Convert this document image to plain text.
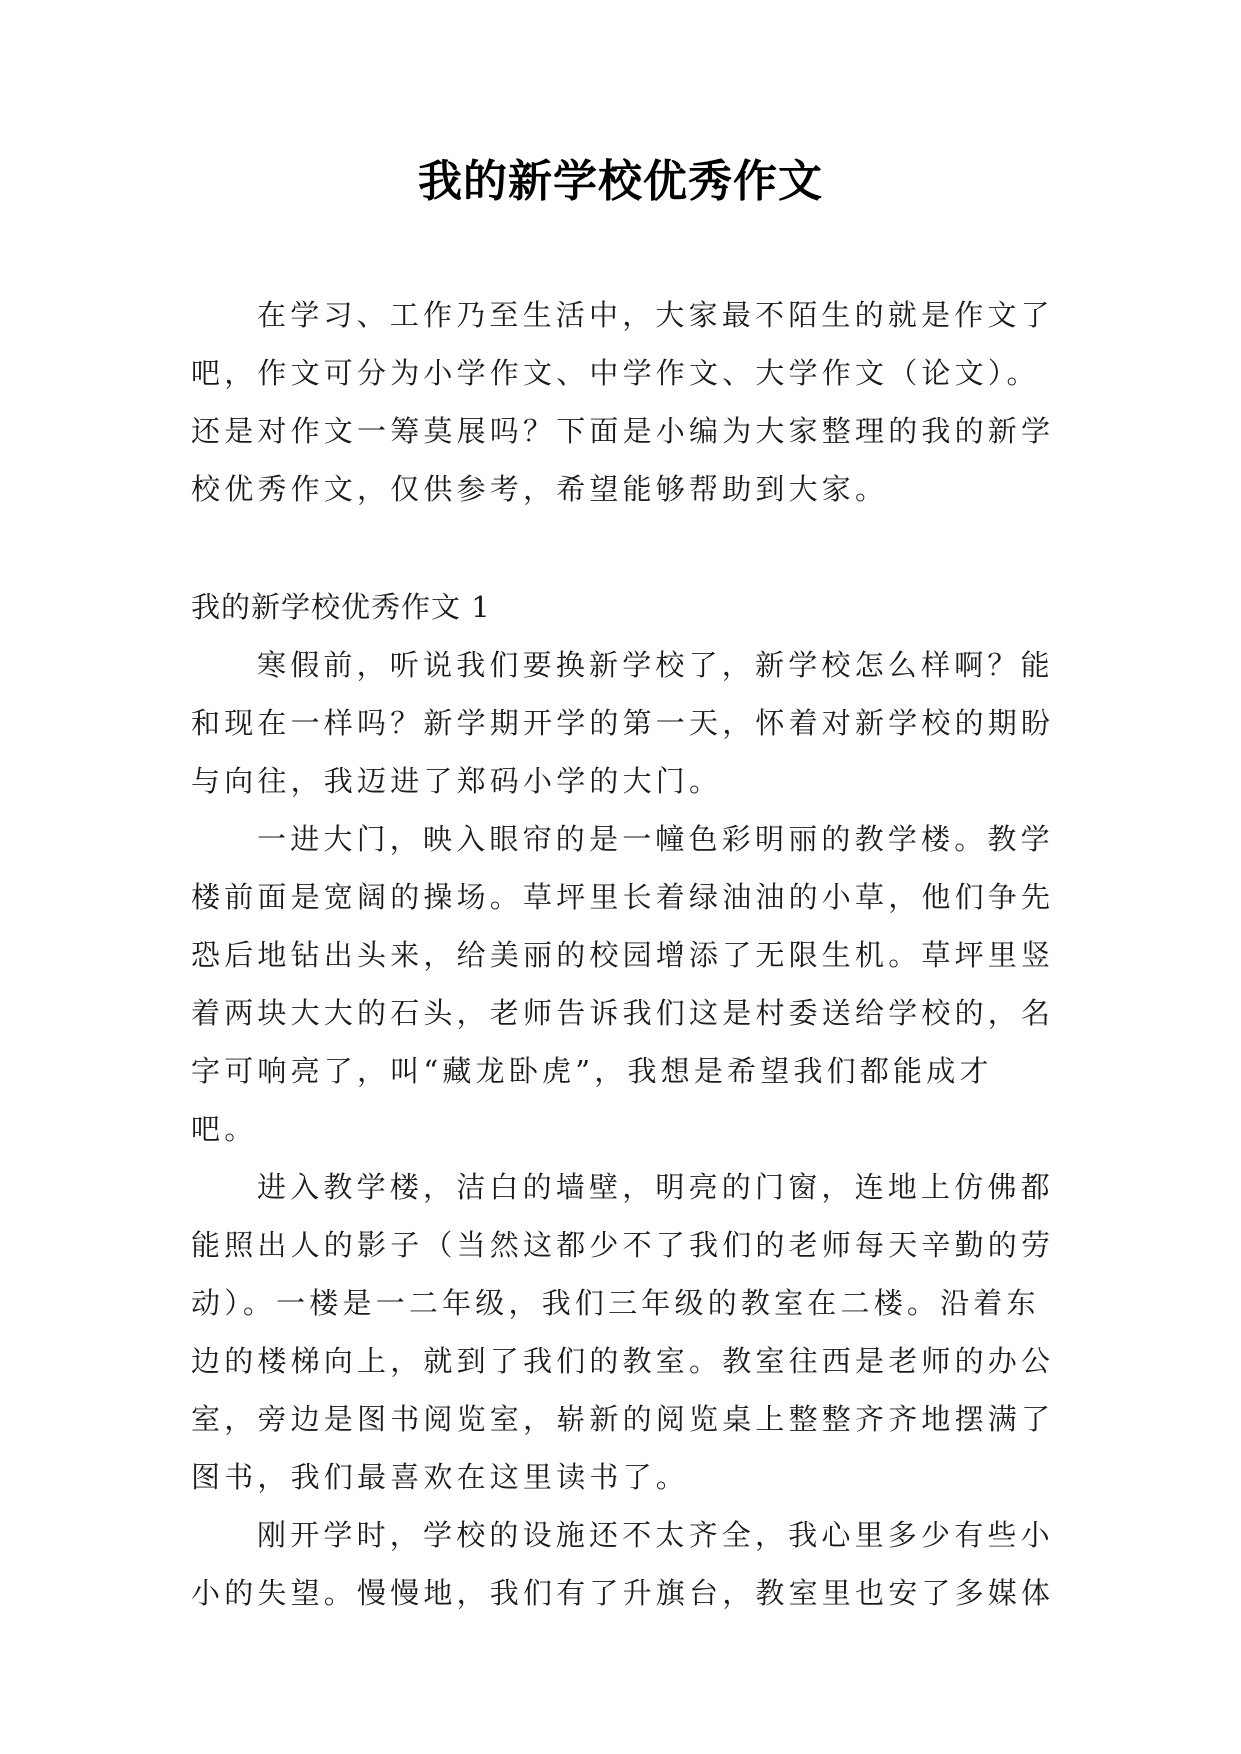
我的新学校优秀作文

在学习、工作乃至生活中，大家最不陌生的就是作文了吧，作文可分为小学作文、中学作文、大学作文（论文）。还是对作文一筹莫展吗？下面是小编为大家整理的我的新学校优秀作文，仅供参考，希望能够帮助到大家。

我的新学校优秀作文 1

寒假前，听说我们要换新学校了，新学校怎么样啊？能和现在一样吗？新学期开学的第一天，怀着对新学校的期盼与向往，我迈进了郑码小学的大门。

一进大门，映入眼帘的是一幢色彩明丽的教学楼。教学楼前面是宽阔的操场。草坪里长着绿油油的小草，他们争先恐后地钻出头来，给美丽的校园增添了无限生机。草坪里竖着两块大大的石头，老师告诉我们这是村委送给学校的，名字可响亮了，叫“藏龙卧虎”，我想是希望我们都能成才吧。

进入教学楼，洁白的墙壁，明亮的门窗，连地上仿佛都能照出人的影子（当然这都少不了我们的老师每天辛勤的劳动）。一楼是一二年级，我们三年级的教室在二楼。沿着东边的楼梯向上，就到了我们的教室。教室往西是老师的办公室，旁边是图书阅览室，崭新的阅览桌上整整齐齐地摆满了图书，我们最喜欢在这里读书了。

刚开学时，学校的设施还不太齐全，我心里多少有些小小的失望。慢慢地，我们有了升旗台，教室里也安了多媒体
